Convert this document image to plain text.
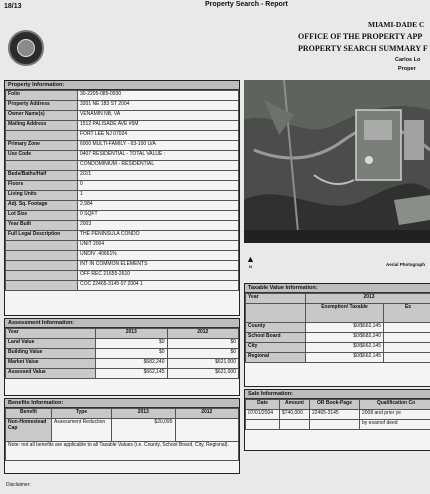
18/13	Property Search - Report
MIAMI-DADE C
OFFICE OF THE PROPERTY APP
PROPERTY SEARCH SUMMARY F
Carlos Lo
Proper
Property Information:
Folio	30-2205-085-0930
Property Address	3201 NE 183 ST 2004
Owner Name(s)	VENAMIN NB, VA
Mailing Address	1512 PALISADE AVE #5M
	FORT LEE NJ 07024
Primary Zone	6000 MULTI-FAMILY - 63-100 U/A
Use Code	0407 RESIDENTIAL - TOTAL VALUE :
	CONDOMINIUM - RESIDENTIAL
Beds/Baths/Half	2/2/1
Floors	0
Living Units	1
Adj. Sq. Footage	2,984
Lot Size	0 SQFT
Year Built	2003
Full Legal Description	THE PENINSULA CONDO
	UNIT 2004
	UNDIV .40661%
	INT IN COMMON ELEMENTS
	OFF REC 21655-2610
	COC 22465-3145 07 2004 1
Assessment Information:
Year	2013	2012
Land Value	$0	$0
Building Value	$0	$0
Market Value	$682,240	$621,000
Assessed Value	$662,145	$621,000
Benefits Information:
Benefit	Type	2013	2012
Non-Homestead Cap	Assessment Reduction	$20,095	
Note: not all benefits are applicable to all Taxable Values (i.e. County, School Board, City, Regional).			
▲
N	Aerial Photograph
Taxable Value Information:
Year	2013	
	Exemption/ Taxable	Ex
County	$0/$662,145	
School Board	$0/$682,240	
City	$0/$662,145	
Regional	$0/$662,145	
Sale Information:
Date	Amount	OR Book-Page	Qualification Co
07/01/2004	$740,000	22465-3145	2008 and prior ye
			by examof deed
Disclaimer:
